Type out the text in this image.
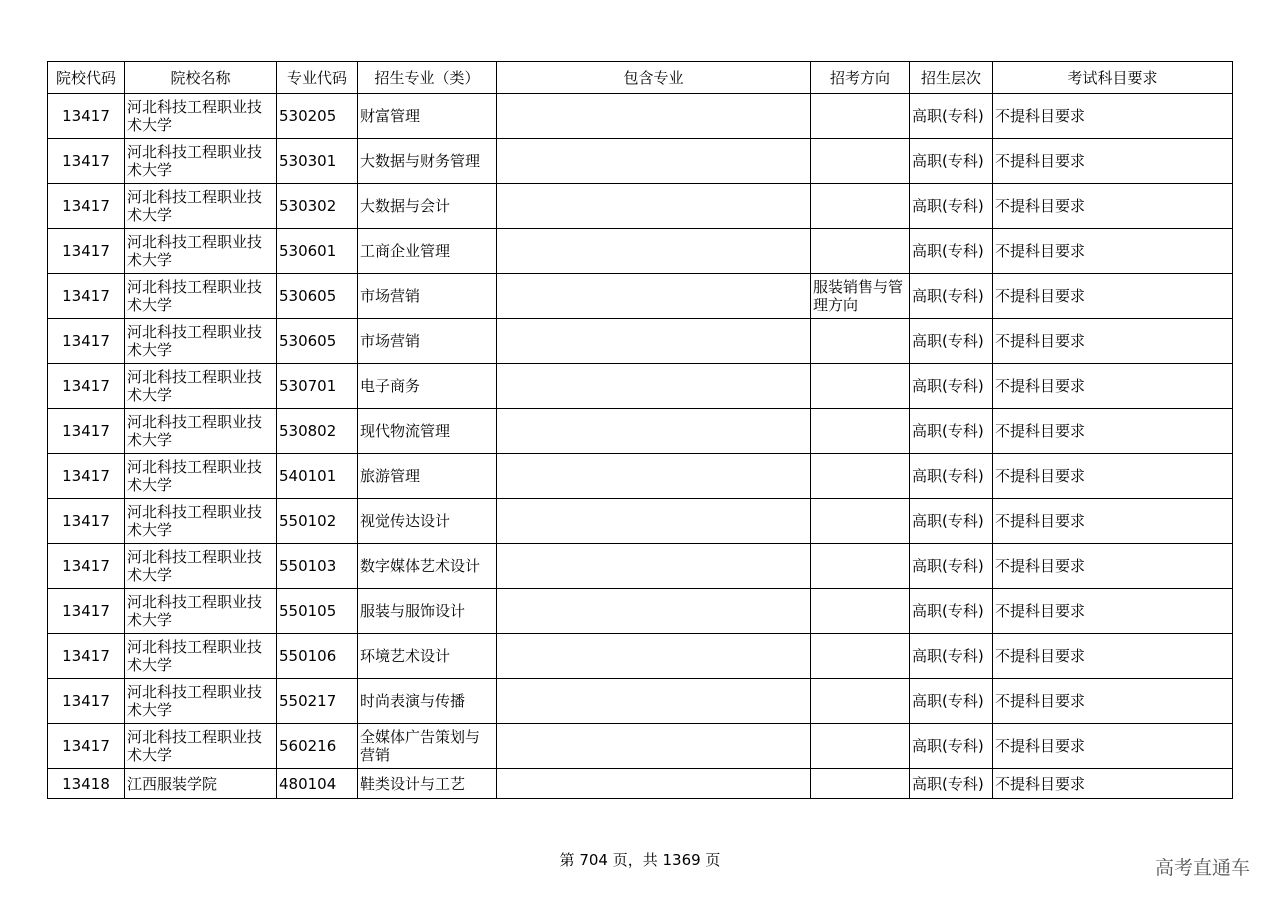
院校代码	院校名称	专业代码	招生专业（类）	包含专业	招考方向	招生层次	考试科目要求
13417	河北科技工程职业技术大学	530205	财富管理			高职(专科)	不提科目要求
13417	河北科技工程职业技术大学	530301	大数据与财务管理			高职(专科)	不提科目要求
13417	河北科技工程职业技术大学	530302	大数据与会计			高职(专科)	不提科目要求
13417	河北科技工程职业技术大学	530601	工商企业管理			高职(专科)	不提科目要求
13417	河北科技工程职业技术大学	530605	市场营销		服装销售与管理方向	高职(专科)	不提科目要求
13417	河北科技工程职业技术大学	530605	市场营销			高职(专科)	不提科目要求
13417	河北科技工程职业技术大学	530701	电子商务			高职(专科)	不提科目要求
13417	河北科技工程职业技术大学	530802	现代物流管理			高职(专科)	不提科目要求
13417	河北科技工程职业技术大学	540101	旅游管理			高职(专科)	不提科目要求
13417	河北科技工程职业技术大学	550102	视觉传达设计			高职(专科)	不提科目要求
13417	河北科技工程职业技术大学	550103	数字媒体艺术设计			高职(专科)	不提科目要求
13417	河北科技工程职业技术大学	550105	服装与服饰设计			高职(专科)	不提科目要求
13417	河北科技工程职业技术大学	550106	环境艺术设计			高职(专科)	不提科目要求
13417	河北科技工程职业技术大学	550217	时尚表演与传播			高职(专科)	不提科目要求
13417	河北科技工程职业技术大学	560216	全媒体广告策划与营销			高职(专科)	不提科目要求
13418	江西服装学院	480104	鞋类设计与工艺			高职(专科)	不提科目要求
第 704 页，共 1369 页	高考直通车
